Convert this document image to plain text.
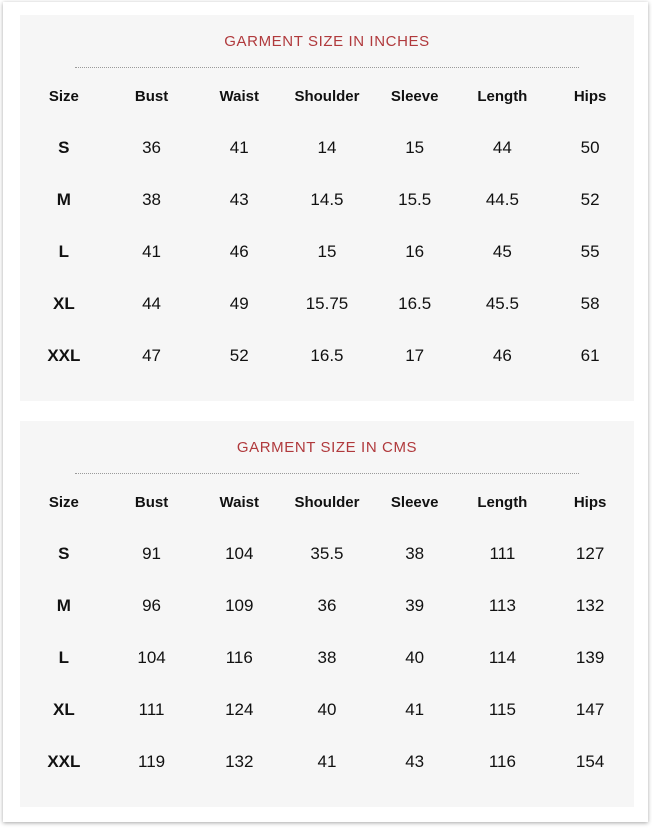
GARMENT SIZE IN INCHES
Size	Bust	Waist	Shoulder	Sleeve	Length	Hips
S	36	41	14	15	44	50
M	38	43	14.5	15.5	44.5	52
L	41	46	15	16	45	55
XL	44	49	15.75	16.5	45.5	58
XXL	47	52	16.5	17	46	61
GARMENT SIZE IN CMS
Size	Bust	Waist	Shoulder	Sleeve	Length	Hips
S	91	104	35.5	38	111	127
M	96	109	36	39	113	132
L	104	116	38	40	114	139
XL	111	124	40	41	115	147
XXL	119	132	41	43	116	154
